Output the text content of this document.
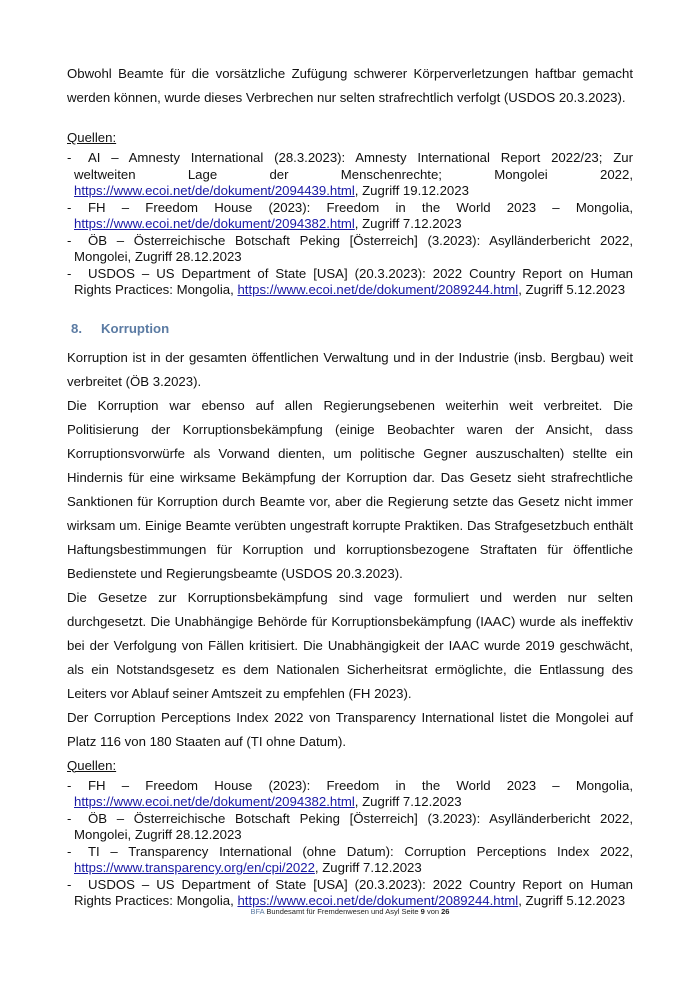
Obwohl Beamte für die vorsätzliche Zufügung schwerer Körperverletzungen haftbar gemacht werden können, wurde dieses Verbrechen nur selten strafrechtlich verfolgt (USDOS 20.3.2023).

Quellen:

- AI – Amnesty International (28.3.2023): Amnesty International Report 2022/23; Zur weltweiten Lage der Menschenrechte; Mongolei 2022, https://www.ecoi.net/de/dokument/2094439.html, Zugriff 19.12.2023
- FH – Freedom House (2023): Freedom in the World 2023 – Mongolia, https://www.ecoi.net/de/dokument/2094382.html, Zugriff 7.12.2023
- ÖB – Österreichische Botschaft Peking [Österreich] (3.2023): Asylländerbericht 2022, Mongolei, Zugriff 28.12.2023
- USDOS – US Department of State [USA] (20.3.2023): 2022 Country Report on Human Rights Practices: Mongolia, https://www.ecoi.net/de/dokument/2089244.html, Zugriff 5.12.2023
8. Korruption

Korruption ist in der gesamten öffentlichen Verwaltung und in der Industrie (insb. Bergbau) weit verbreitet (ÖB 3.2023).

Die Korruption war ebenso auf allen Regierungsebenen weiterhin weit verbreitet. Die Politisierung der Korruptionsbekämpfung (einige Beobachter waren der Ansicht, dass Korruptionsvorwürfe als Vorwand dienten, um politische Gegner auszuschalten) stellte ein Hindernis für eine wirksame Bekämpfung der Korruption dar. Das Gesetz sieht strafrechtliche Sanktionen für Korruption durch Beamte vor, aber die Regierung setzte das Gesetz nicht immer wirksam um. Einige Beamte verübten ungestraft korrupte Praktiken. Das Strafgesetzbuch enthält Haftungsbestimmungen für Korruption und korruptionsbezogene Straftaten für öffentliche Bedienstete und Regierungsbeamte (USDOS 20.3.2023).

Die Gesetze zur Korruptionsbekämpfung sind vage formuliert und werden nur selten durchgesetzt. Die Unabhängige Behörde für Korruptionsbekämpfung (IAAC) wurde als ineffektiv bei der Verfolgung von Fällen kritisiert. Die Unabhängigkeit der IAAC wurde 2019 geschwächt, als ein Notstandsgesetz es dem Nationalen Sicherheitsrat ermöglichte, die Entlassung des Leiters vor Ablauf seiner Amtszeit zu empfehlen (FH 2023).

Der Corruption Perceptions Index 2022 von Transparency International listet die Mongolei auf Platz 116 von 180 Staaten auf (TI ohne Datum).

Quellen:

- FH – Freedom House (2023): Freedom in the World 2023 – Mongolia, https://www.ecoi.net/de/dokument/2094382.html, Zugriff 7.12.2023
- ÖB – Österreichische Botschaft Peking [Österreich] (3.2023): Asylländerbericht 2022, Mongolei, Zugriff 28.12.2023
- TI – Transparency International (ohne Datum): Corruption Perceptions Index 2022, https://www.transparency.org/en/cpi/2022, Zugriff 7.12.2023
- USDOS – US Department of State [USA] (20.3.2023): 2022 Country Report on Human Rights Practices: Mongolia, https://www.ecoi.net/de/dokument/2089244.html, Zugriff 5.12.2023
BFA Bundesamt für Fremdenwesen und Asyl Seite 9 von 26
